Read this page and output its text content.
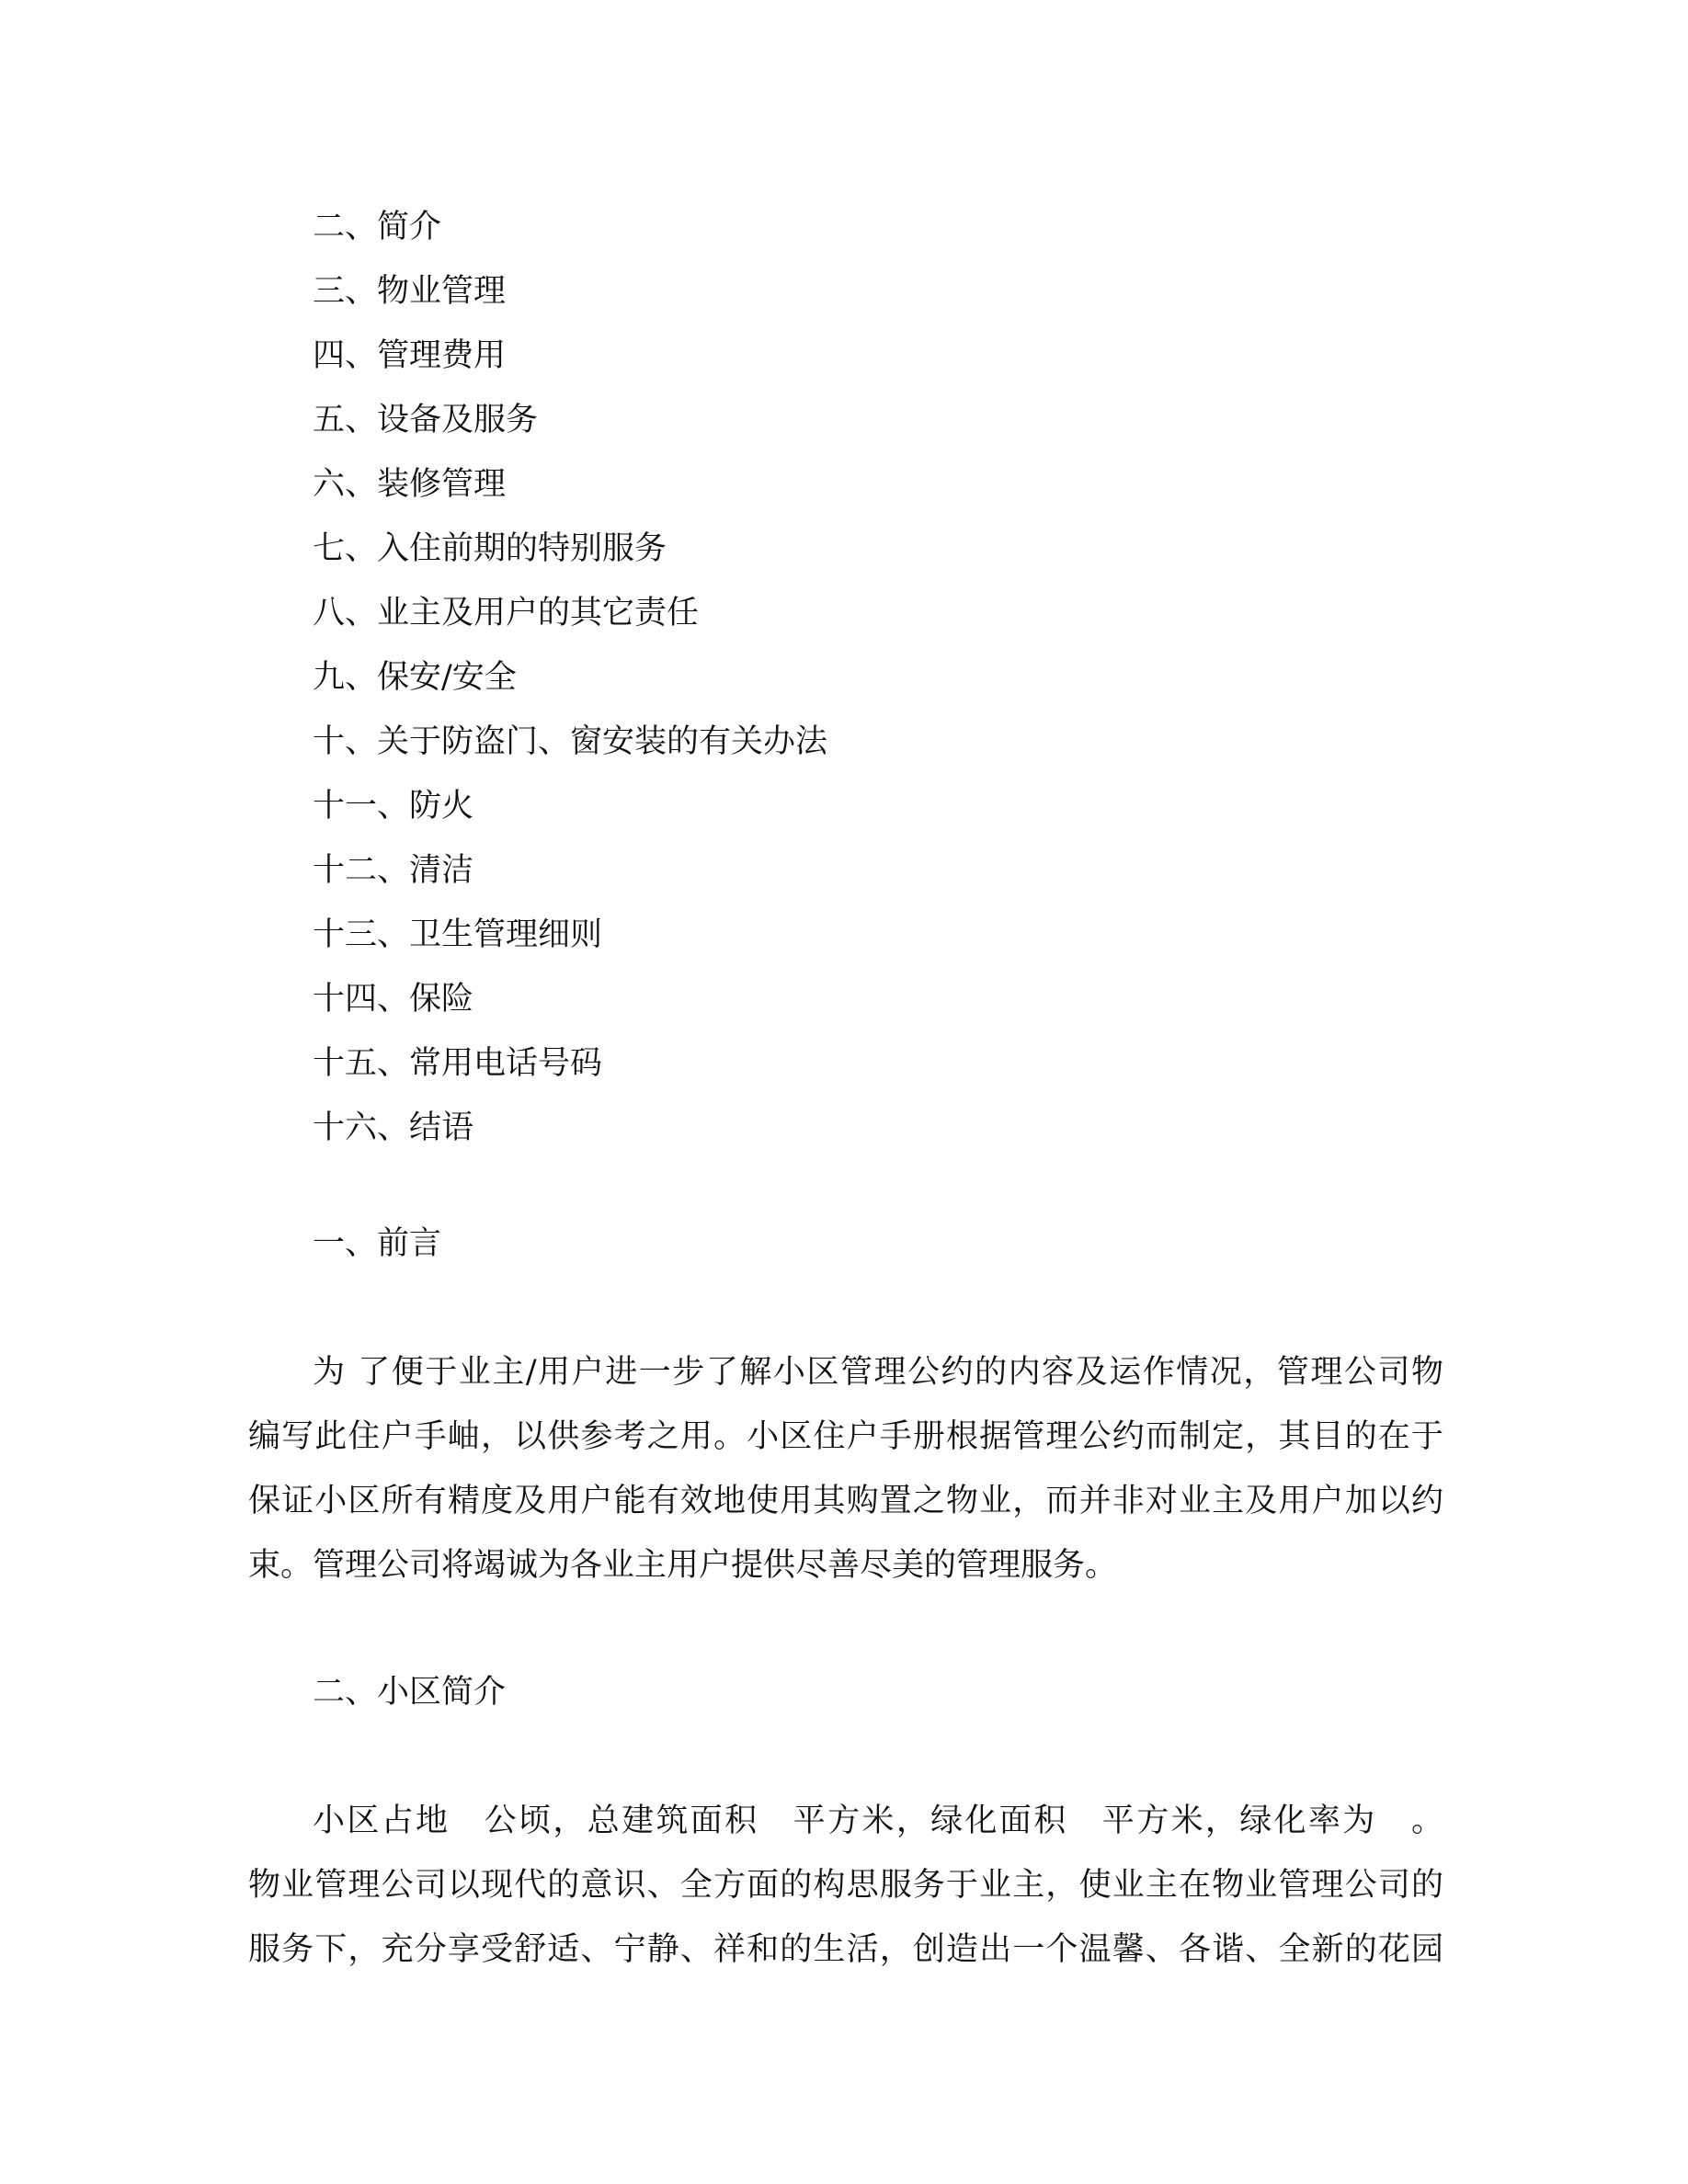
二、简介
三、物业管理
四、管理费用
五、设备及服务
六、装修管理
七、入住前期的特别服务
八、业主及用户的其它责任
九、保安/安全
十、关于防盗门、窗安装的有关办法
十一、防火
十二、清洁
十三、卫生管理细则
十四、保险
十五、常用电话号码
十六、结语
一、前言
为 了便于业主/用户进一步了解小区管理公约的内容及运作情况，管理公司物
编写此住户手岫，以供参考之用。小区住户手册根据管理公约而制定，其目的在于
保证小区所有精度及用户能有效地使用其购置之物业，而并非对业主及用户加以约
束。管理公司将竭诚为各业主用户提供尽善尽美的管理服务。
二、小区简介
小区占地　公顷，总建筑面积　平方米，绿化面积　平方米，绿化率为　。
物业管理公司以现代的意识、全方面的构思服务于业主，使业主在物业管理公司的
服务下，充分享受舒适、宁静、祥和的生活，创造出一个温馨、各谐、全新的花园
